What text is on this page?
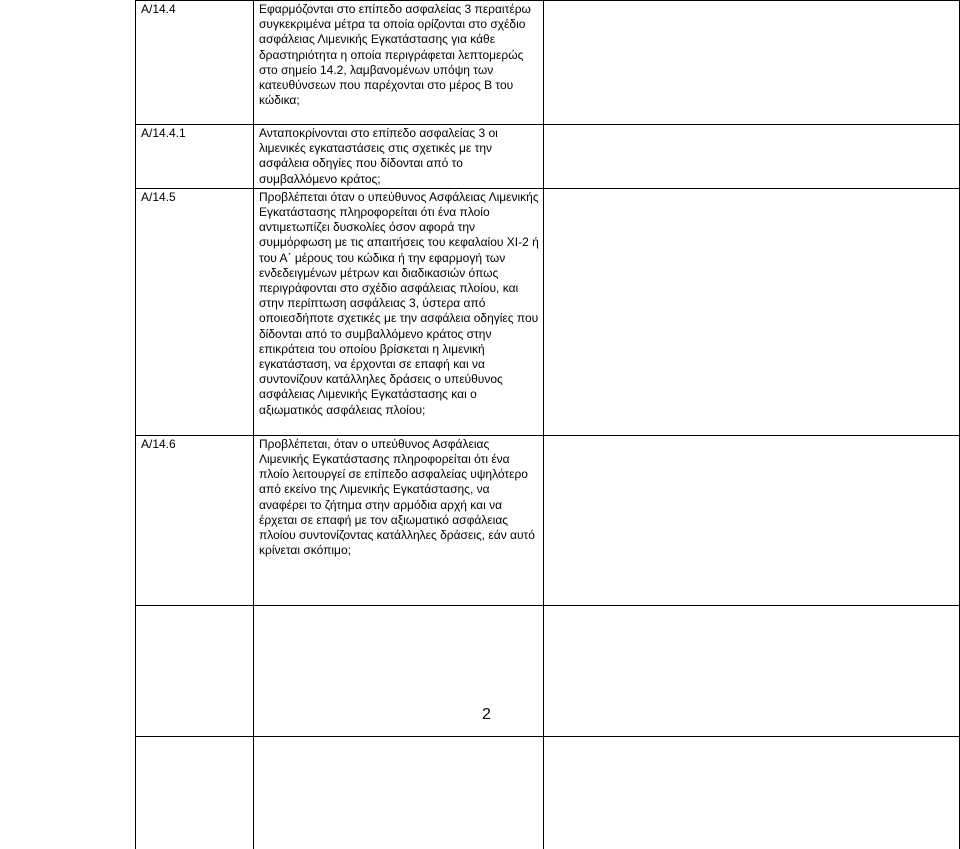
A/14.4	Εφαρμόζονται στο επίπεδο ασφαλείας 3 περαιτέρω συγκεκριμένα μέτρα τα οποία ορίζονται στο σχέδιο ασφάλειας Λιμενικής Εγκατάστασης για κάθε δραστηριότητα η οποία περιγράφεται λεπτομερώς στο σημείο 14.2, λαμβανομένων υπόψη των κατευθύνσεων που παρέχονται στο μέρος Β του κώδικα;	
A/14.4.1	Ανταποκρίνονται στο επίπεδο ασφαλείας 3 οι λιμενικές εγκαταστάσεις στις σχετικές με την ασφάλεια οδηγίες που δίδονται από το συμβαλλόμενο κράτος;	
A/14.5	Προβλέπεται όταν ο υπεύθυνος Ασφάλειας Λιμενικής Εγκατάστασης πληροφορείται ότι ένα πλοίο αντιμετωπίζει δυσκολίες όσον αφορά την συμμόρφωση με τις απαιτήσεις του κεφαλαίου XI-2 ή του Α΄ μέρους του κώδικα ή την εφαρμογή των ενδεδειγμένων μέτρων και διαδικασιών όπως περιγράφονται στο σχέδιο ασφάλειας πλοίου, και στην περίπτωση ασφάλειας 3, ύστερα από οποιεσδήποτε σχετικές με την ασφάλεια οδηγίες που δίδονται από το συμβαλλόμενο κράτος στην επικράτεια του οποίου βρίσκεται η λιμενική εγκατάσταση, να έρχονται σε επαφή και να συντονίζουν κατάλληλες δράσεις ο υπεύθυνος ασφάλειας Λιμενικής Εγκατάστασης και ο αξιωματικός ασφάλειας πλοίου;	
A/14.6	Προβλέπεται, όταν ο υπεύθυνος Ασφάλειας Λιμενικής Εγκατάστασης πληροφορείται ότι ένα πλοίο λειτουργεί σε επίπεδο ασφαλείας υψηλότερο από εκείνο της Λιμενικής Εγκατάστασης, να αναφέρει το ζήτημα στην αρμόδια αρχή και να έρχεται σε επαφή με τον αξιωματικό ασφάλειας πλοίου συντονίζοντας κατάλληλες δράσεις, εάν αυτό κρίνεται σκόπιμο;	

2
